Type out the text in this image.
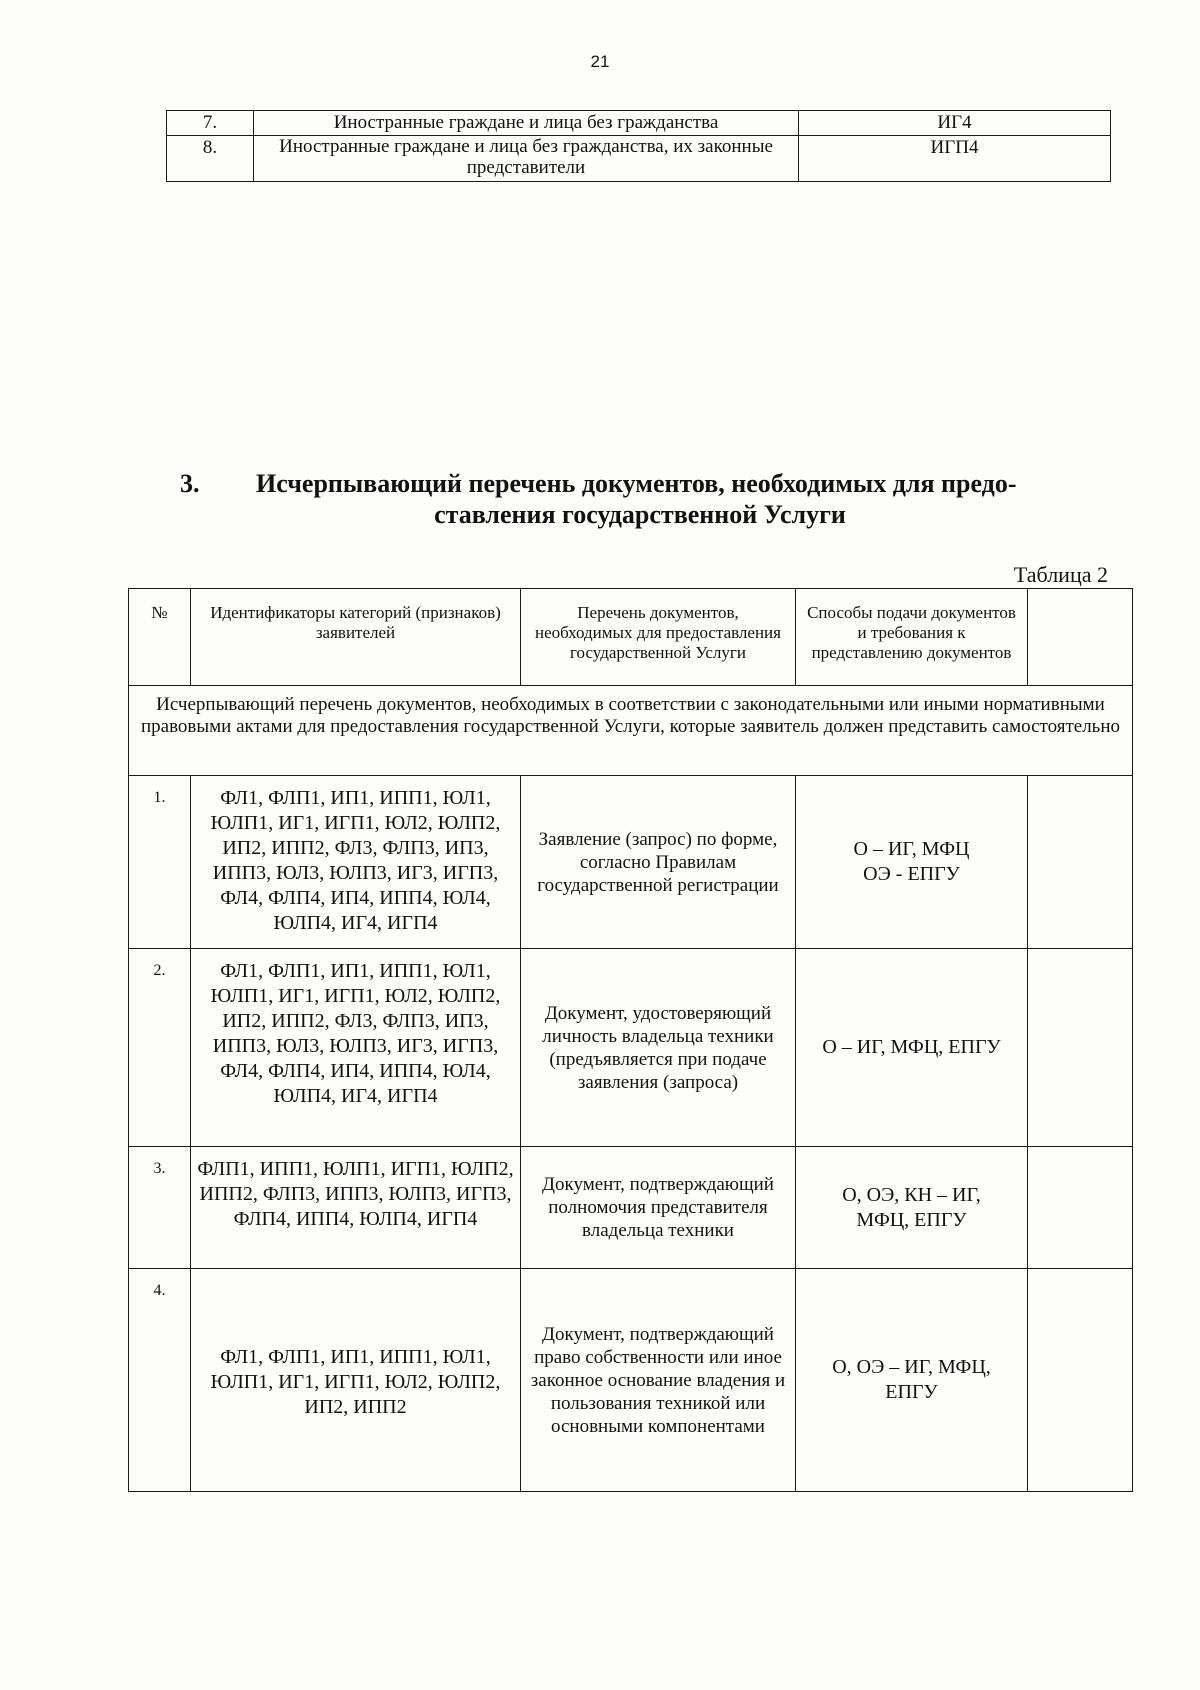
21
7.	Иностранные граждане и лица без гражданства	ИГ4
8.	Иностранные граждане и лица без гражданства, их законные представители	ИГП4
3. Исчерпывающий перечень документов, необходимых для предо-
ставления государственной Услуги
Таблица 2
№	Идентификаторы категорий (признаков) заявителей	Перечень документов, необходимых для предоставления государственной Услуги	Способы подачи документов и требования к представлению документов	
Исчерпывающий перечень документов, необходимых в соответствии с законодательными или иными нормативными правовыми актами для предоставления государственной Услуги, которые заявитель должен представить самостоятельно				
1.	ФЛ1, ФЛП1, ИП1, ИПП1, ЮЛ1, ЮЛП1, ИГ1, ИГП1, ЮЛ2, ЮЛП2, ИП2, ИПП2, ФЛ3, ФЛП3, ИП3, ИПП3, ЮЛ3, ЮЛП3, ИГ3, ИГП3, ФЛ4, ФЛП4, ИП4, ИПП4, ЮЛ4, ЮЛП4, ИГ4, ИГП4	Заявление (запрос) по форме, согласно Правилам государственной регистрации	О – ИГ, МФЦ
ОЭ - ЕПГУ	

2.	ФЛ1, ФЛП1, ИП1, ИПП1, ЮЛ1, ЮЛП1, ИГ1, ИГП1, ЮЛ2, ЮЛП2, ИП2, ИПП2, ФЛ3, ФЛП3, ИП3, ИПП3, ЮЛ3, ЮЛП3, ИГ3, ИГП3, ФЛ4, ФЛП4, ИП4, ИПП4, ЮЛ4, ЮЛП4, ИГ4, ИГП4	Документ, удостоверяющий личность владельца техники (предъявляется при подаче заявления (запроса)	О – ИГ, МФЦ, ЕПГУ	

3.	ФЛП1, ИПП1, ЮЛП1, ИГП1, ЮЛП2, ИПП2, ФЛП3, ИПП3, ЮЛП3, ИГП3, ФЛП4, ИПП4, ЮЛП4, ИГП4	Документ, подтверждающий полномочия представителя владельца техники	О, ОЭ, КН – ИГ,
МФЦ, ЕПГУ	

4.	ФЛ1, ФЛП1, ИП1, ИПП1, ЮЛ1, ЮЛП1, ИГ1, ИГП1, ЮЛ2, ЮЛП2, ИП2, ИПП2	Документ, подтверждающий право собственности или иное законное основание владения и пользования техникой или основными компонентами	О, ОЭ – ИГ, МФЦ,
ЕПГУ	
